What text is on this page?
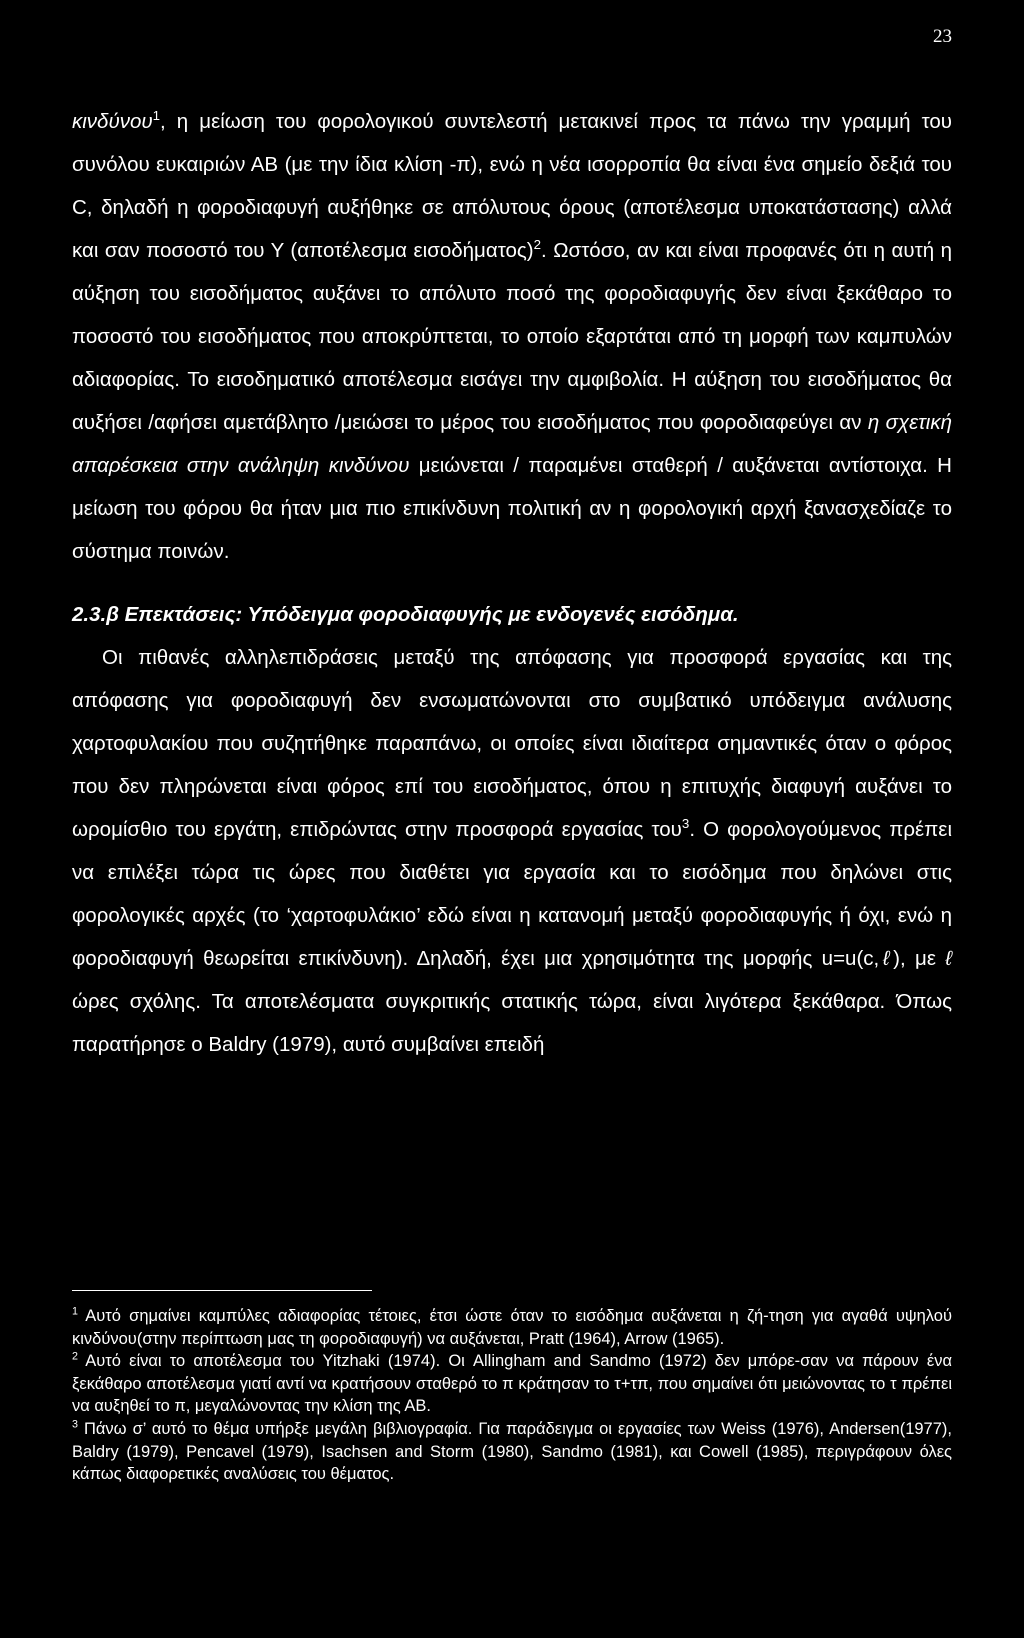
23

κινδύνου$^1$, η μείωση του φορολογικού συντελεστή μετακινεί προς τα πάνω την γραμμή του συνόλου ευκαιριών ΑΒ (με την ίδια κλίση -π), ενώ η νέα ισορροπία θα είναι ένα σημείο δεξιά του C, δηλαδή η φοροδιαφυγή αυξήθηκε σε απόλυτους όρους (αποτέλεσμα υποκατάστασης) αλλά και σαν ποσοστό του Υ (αποτέλεσμα εισοδήματος)$^2$. Ωστόσο, αν και είναι προφανές ότι η αυτή η αύξηση του εισοδήματος αυξάνει το απόλυτο ποσό της φοροδιαφυγής δεν είναι ξεκάθαρο το ποσοστό του εισοδήματος που αποκρύπτεται, το οποίο εξαρτάται από τη μορφή των καμπυλών αδιαφορίας. Το εισοδηματικό αποτέλεσμα εισάγει την αμφιβολία. Η αύξηση του εισοδήματος θα αυξήσει /αφήσει αμετάβλητο /μειώσει το μέρος του εισοδήματος που φοροδιαφεύγει αν η σχετική απαρέσκεια στην ανάληψη κινδύνου μειώνεται / παραμένει σταθερή / αυξάνεται αντίστοιχα. Η μείωση του φόρου θα ήταν μια πιο επικίνδυνη πολιτική αν η φορολογική αρχή ξανασχεδίαζε το σύστημα ποινών.

2.3.β Επεκτάσεις: Υπόδειγμα φοροδιαφυγής με ενδογενές εισόδημα.

Οι πιθανές αλληλεπιδράσεις μεταξύ της απόφασης για προσφορά εργασίας και της απόφασης για φοροδιαφυγή δεν ενσωματώνονται στο συμβατικό υπόδειγμα ανάλυσης χαρτοφυλακίου που συζητήθηκε παραπάνω, οι οποίες είναι ιδιαίτερα σημαντικές όταν ο φόρος που δεν πληρώνεται είναι φόρος επί του εισοδήματος, όπου η επιτυχής διαφυγή αυξάνει το ωρομίσθιο του εργάτη, επιδρώντας στην προσφορά εργασίας του$^3$. Ο φορολογούμενος πρέπει να επιλέξει τώρα τις ώρες που διαθέτει για εργασία και το εισόδημα που δηλώνει στις φορολογικές αρχές (το ‘χαρτοφυλάκιο’ εδώ είναι η κατανομή μεταξύ φοροδιαφυγής ή όχι, ενώ η φοροδιαφυγή θεωρείται επικίνδυνη). Δηλαδή, έχει μια χρησιμότητα της μορφής u=u(c,ℓ), με ℓ ώρες σχόλης. Τα αποτελέσματα συγκριτικής στατικής τώρα, είναι λιγότερα ξεκάθαρα. Όπως παρατήρησε ο Baldry (1979), αυτό συμβαίνει επειδή

$^1$ Αυτό σημαίνει καμπύλες αδιαφορίας τέτοιες, έτσι ώστε όταν το εισόδημα αυξάνεται η ζή-τηση για αγαθά υψηλού κινδύνου(στην περίπτωση μας τη φοροδιαφυγή) να αυξάνεται, Pratt (1964), Arrow (1965).

$^2$ Αυτό είναι το αποτέλεσμα του Yitzhaki (1974). Οι Allingham and Sandmo (1972) δεν μπόρε-σαν να πάρουν ένα ξεκάθαρο αποτέλεσμα γιατί αντί να κρατήσουν σταθερό το π κράτησαν το τ+τπ, που σημαίνει ότι μειώνοντας το τ πρέπει να αυξηθεί το π, μεγαλώνοντας την κλίση της ΑΒ.

$^3$ Πάνω σ’ αυτό το θέμα υπήρξε μεγάλη βιβλιογραφία. Για παράδειγμα οι εργασίες των Weiss (1976), Andersen(1977), Baldry (1979), Pencavel (1979), Isachsen and Storm (1980), Sandmo (1981), και Cowell (1985), περιγράφουν όλες κάπως διαφορετικές αναλύσεις του θέματος.
